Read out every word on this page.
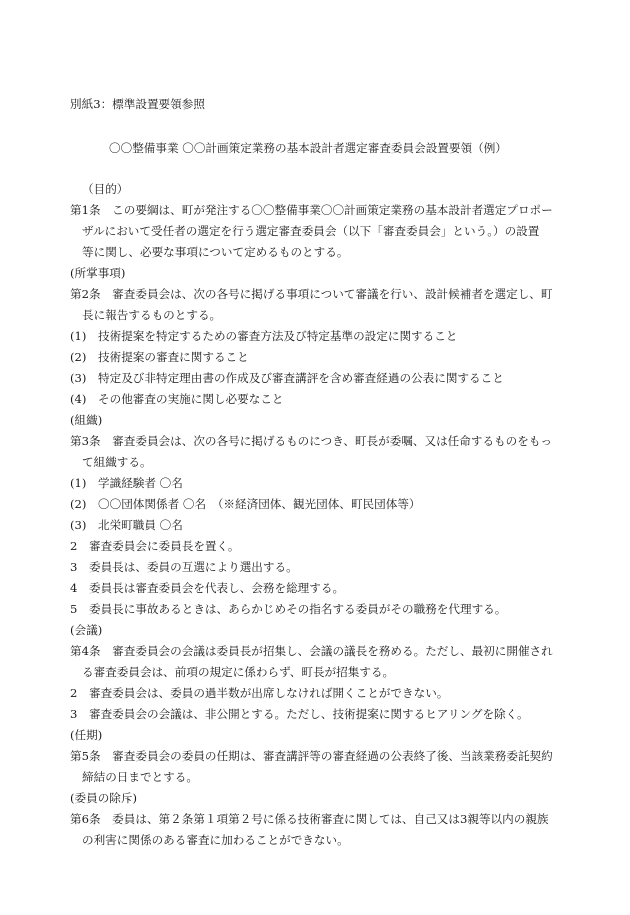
別紙3：標準設置要領参照
〇〇整備事業 〇〇計画策定業務の基本設計者選定審査委員会設置要領（例）
（目的）
第1条　この要綱は、町が発注する〇〇整備事業〇〇計画策定業務の基本設計者選定プロポー
ザルにおいて受任者の選定を行う選定審査委員会（以下「審査委員会」という。）の設置
等に関し、必要な事項について定めるものとする。
(所掌事項)
第2条　審査委員会は、次の各号に掲げる事項について審議を行い、設計候補者を選定し、町
長に報告するものとする。
(1)　技術提案を特定するための審査方法及び特定基準の設定に関すること
(2)　技術提案の審査に関すること
(3)　特定及び非特定理由書の作成及び審査講評を含め審査経過の公表に関すること
(4)　その他審査の実施に関し必要なこと
(組織)
第3条　審査委員会は、次の各号に掲げるものにつき、町長が委嘱、又は任命するものをもっ
て組織する。
(1)　学識経験者 〇名
(2)　〇〇団体関係者 〇名　（※経済団体、観光団体、町民団体等）
(3)　北栄町職員 〇名
2　審査委員会に委員長を置く。
3　委員長は、委員の互選により選出する。
4　委員長は審査委員会を代表し、会務を総理する。
5　委員長に事故あるときは、あらかじめその指名する委員がその職務を代理する。
(会議)
第4条　審査委員会の会議は委員長が招集し、会議の議長を務める。ただし、最初に開催され
る審査委員会は、前項の規定に係わらず、町長が招集する。
2　審査委員会は、委員の過半数が出席しなければ開くことができない。
3　審査委員会の会議は、非公開とする。ただし、技術提案に関するヒアリングを除く。
(任期)
第5条　審査委員会の委員の任期は、審査講評等の審査経過の公表終了後、当該業務委託契約
締結の日までとする。
(委員の除斥)
第6条　委員は、第２条第１項第２号に係る技術審査に関しては、自己又は3親等以内の親族
の利害に関係のある審査に加わることができない。
